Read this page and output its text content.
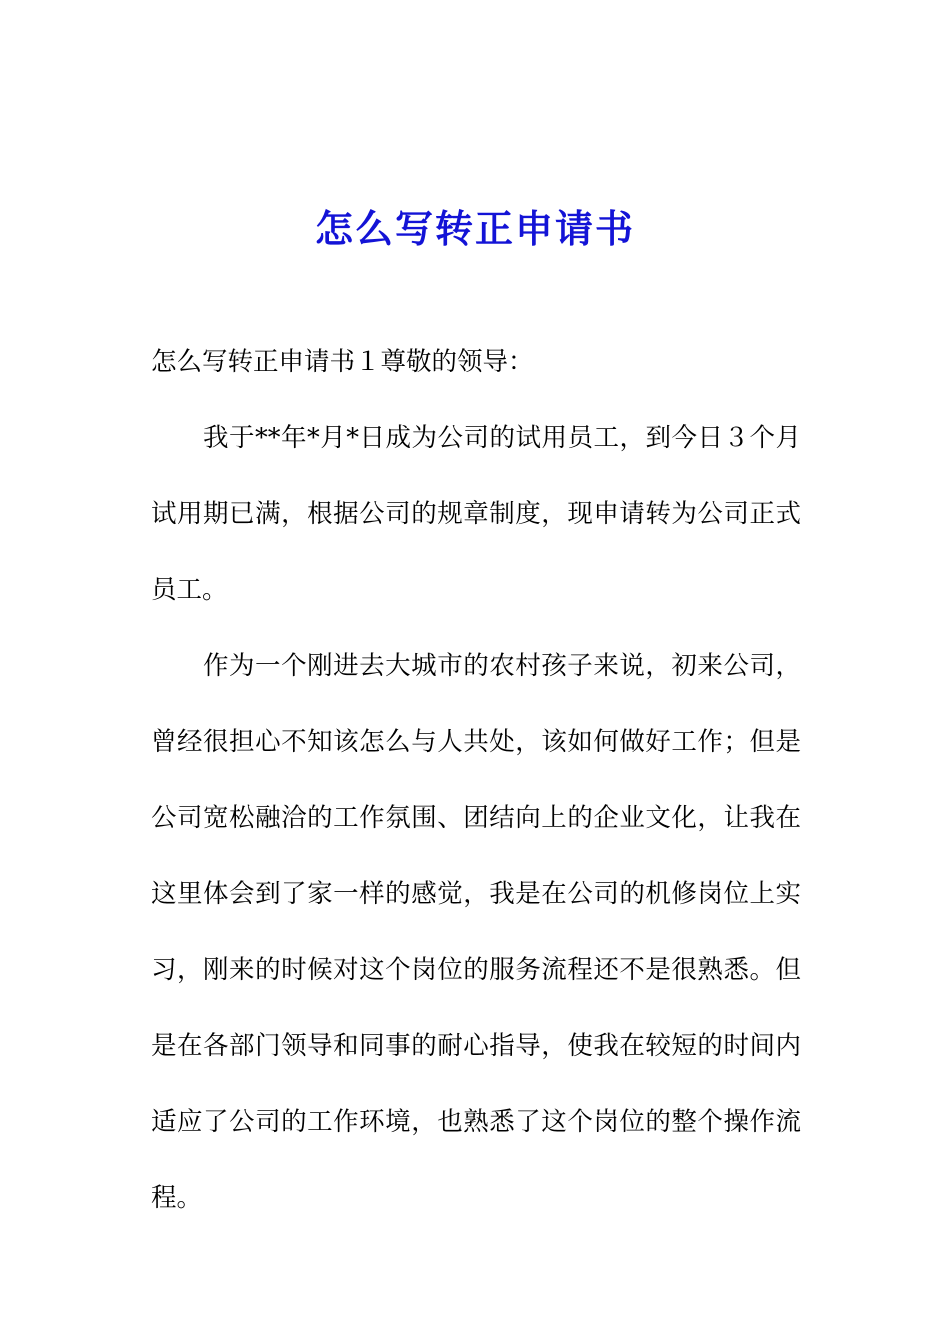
怎么写转正申请书

怎么写转正申请书１尊敬的领导：

我于**年*月*日成为公司的试用员工，到今日３个月试用期已满，根据公司的规章制度，现申请转为公司正式员工。

作为一个刚进去大城市的农村孩子来说，初来公司，曾经很担心不知该怎么与人共处，该如何做好工作；但是公司宽松融洽的工作氛围、团结向上的企业文化，让我在这里体会到了家一样的感觉，我是在公司的机修岗位上实习，刚来的时候对这个岗位的服务流程还不是很熟悉。但是在各部门领导和同事的耐心指导，使我在较短的时间内适应了公司的工作环境，也熟悉了这个岗位的整个操作流程。
